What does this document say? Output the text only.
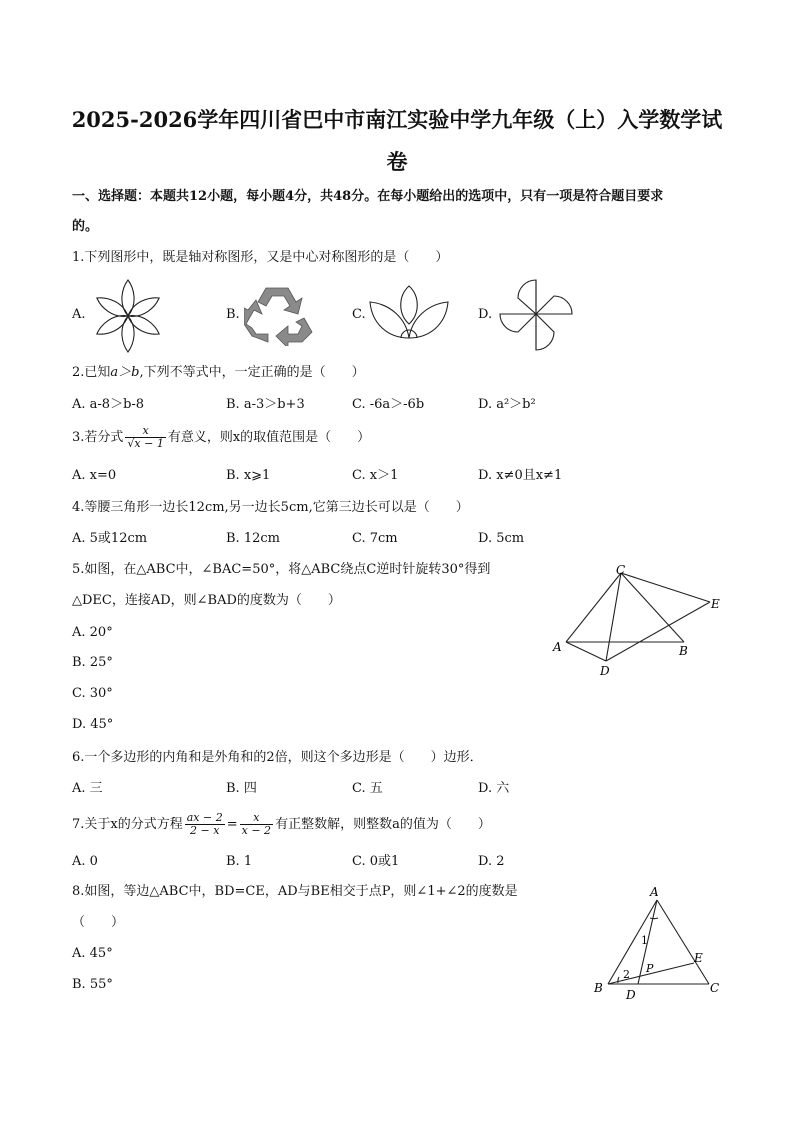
2025-2026学年四川省巴中市南江实验中学九年级（上）入学数学试
卷
一、选择题：本题共12小题，每小题4分，共48分。在每小题给出的选项中，只有一项是符合题目要求
的。
1.下列图形中，既是轴对称图形，又是中心对称图形的是（　　）
A.	B.	C.	D.
2.已知a＞b,下列不等式中，一定正确的是（　　）
A. a-8＞b-8	B. a-3＞b+3	C. -6a＞-6b	D. a²＞b²
3.若分式 $\frac{x}{√x - 1}$ 有意义，则x的取值范围是（　　）
A. x=0	B. x⩾1	C. x＞1	D. x≠0且x≠1
4.等腰三角形一边长12cm,另一边长5cm,它第三边长可以是（　　）
A. 5或12cm	B. 12cm	C. 7cm	D. 5cm
5.如图，在△ABC中，∠BAC=50°，将△ABC绕点C逆时针旋转30°得到
△DEC，连接AD，则∠BAD的度数为（　　）
A. 20°
B. 25°
C. 30°
D. 45°
C
E
A	B
D
6.一个多边形的内角和是外角和的2倍，则这个多边形是（　　）边形．
A. 三	B. 四	C. 五	D. 六
7.关于x的分式方程 $\frac{ax - 2}{2 - x} = \frac{x}{x - 2}$ 有正整数解，则整数a的值为（　　）
A. 0	B. 1	C. 0或1	D. 2
8.如图，等边△ABC中，BD=CE，AD与BE相交于点P，则∠1+∠2的度数是
（　　）
A. 45°
B. 55°
A
B	C
D
E
P
1
2
